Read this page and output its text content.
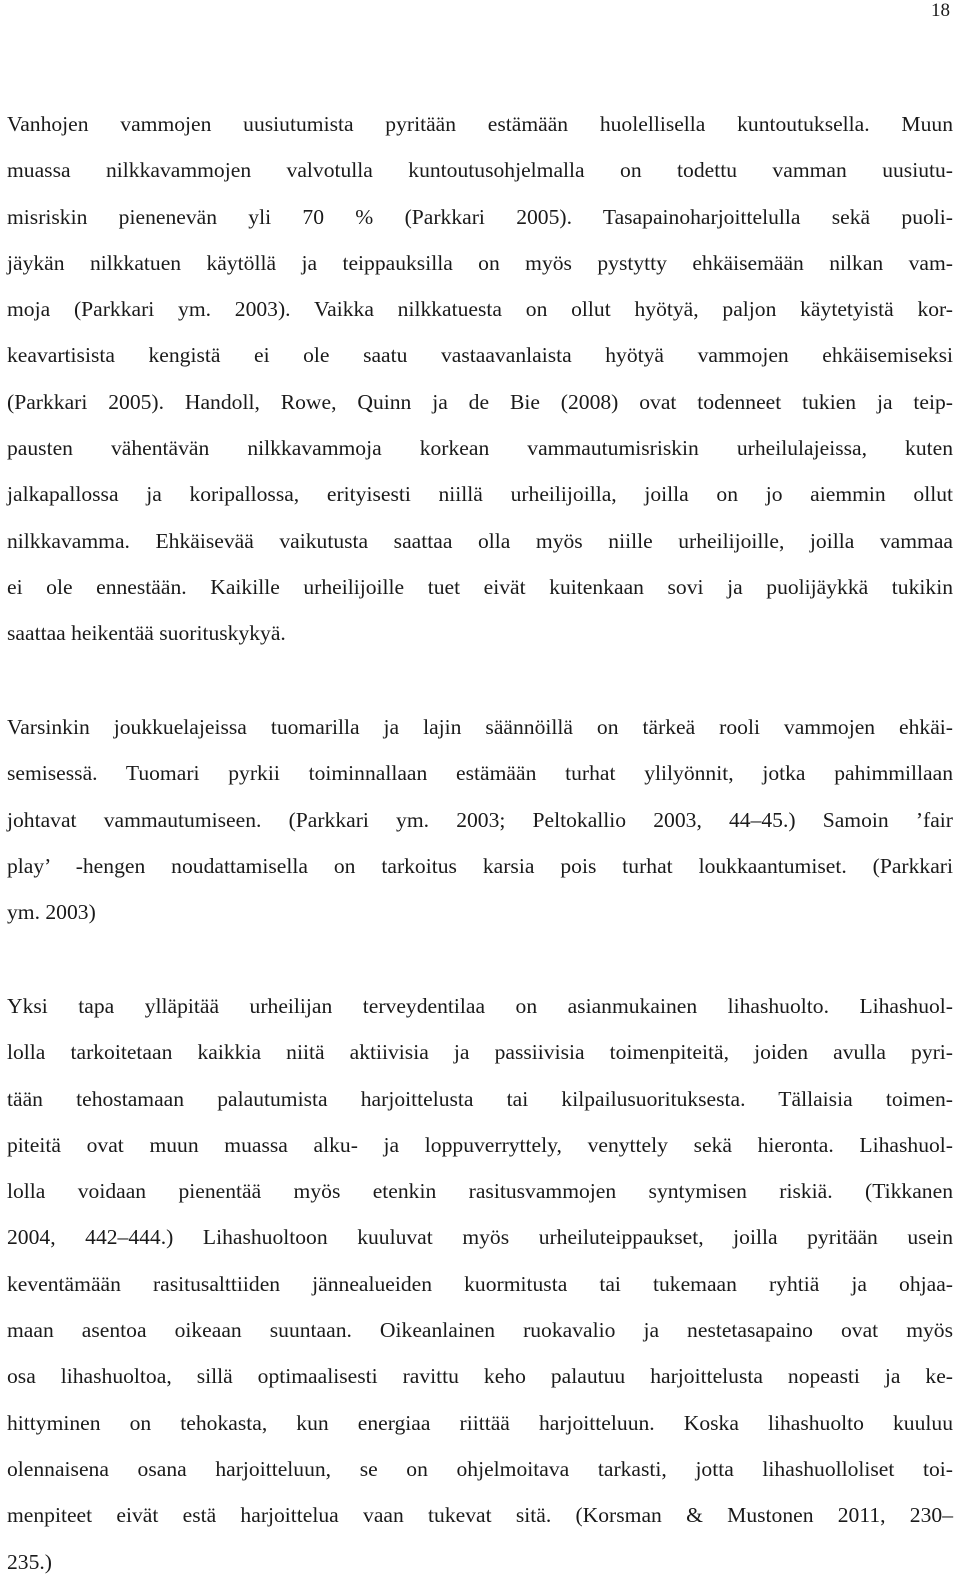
18
Vanhojen vammojen uusiutumista pyritään estämään huolellisella kuntoutuksella. Muun
muassa nilkkavammojen valvotulla kuntoutusohjelmalla on todettu vamman uusiutu-
misriskin pienenevän yli 70 % (Parkkari 2005). Tasapainoharjoittelulla sekä puoli-
jäykän nilkkatuen käytöllä ja teippauksilla on myös pystytty ehkäisemään nilkan vam-
moja (Parkkari ym. 2003). Vaikka nilkkatuesta on ollut hyötyä, paljon käytetyistä kor-
keavartisista kengistä ei ole saatu vastaavanlaista hyötyä vammojen ehkäisemiseksi
(Parkkari 2005). Handoll, Rowe, Quinn ja de Bie (2008) ovat todenneet tukien ja teip-
pausten vähentävän nilkkavammoja korkean vammautumisriskin urheilulajeissa, kuten
jalkapallossa ja koripallossa, erityisesti niillä urheilijoilla, joilla on jo aiemmin ollut
nilkkavamma. Ehkäisevää vaikutusta saattaa olla myös niille urheilijoille, joilla vammaa
ei ole ennestään. Kaikille urheilijoille tuet eivät kuitenkaan sovi ja puolijäykkä tukikin
saattaa heikentää suorituskykyä.
Varsinkin joukkuelajeissa tuomarilla ja lajin säännöillä on tärkeä rooli vammojen ehkäi-
semisessä. Tuomari pyrkii toiminnallaan estämään turhat ylilyönnit, jotka pahimmillaan
johtavat vammautumiseen. (Parkkari ym. 2003; Peltokallio 2003, 44–45.) Samoin ’fair
play’ -hengen noudattamisella on tarkoitus karsia pois turhat loukkaantumiset. (Parkkari
ym. 2003)
Yksi tapa ylläpitää urheilijan terveydentilaa on asianmukainen lihashuolto. Lihashuol-
lolla tarkoitetaan kaikkia niitä aktiivisia ja passiivisia toimenpiteitä, joiden avulla pyri-
tään tehostamaan palautumista harjoittelusta tai kilpailusuorituksesta. Tällaisia toimen-
piteitä ovat muun muassa alku- ja loppuverryttely, venyttely sekä hieronta. Lihashuol-
lolla voidaan pienentää myös etenkin rasitusvammojen syntymisen riskiä. (Tikkanen
2004, 442–444.) Lihashuoltoon kuuluvat myös urheiluteippaukset, joilla pyritään usein
keventämään rasitusalttiiden jännealueiden kuormitusta tai tukemaan ryhtiä ja ohjaa-
maan asentoa oikeaan suuntaan. Oikeanlainen ruokavalio ja nestetasapaino ovat myös
osa lihashuoltoa, sillä optimaalisesti ravittu keho palautuu harjoittelusta nopeasti ja ke-
hittyminen on tehokasta, kun energiaa riittää harjoitteluun. Koska lihashuolto kuuluu
olennaisena osana harjoitteluun, se on ohjelmoitava tarkasti, jotta lihashuolloliset toi-
menpiteet eivät estä harjoittelua vaan tukevat sitä. (Korsman & Mustonen 2011, 230–
235.)
